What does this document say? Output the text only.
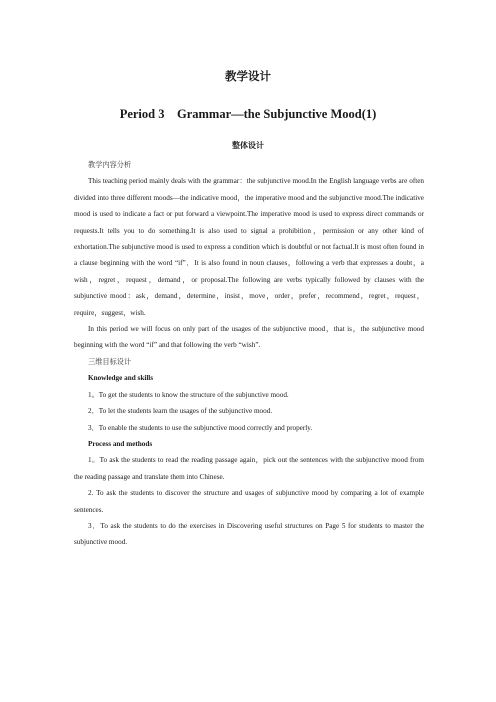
教学设计
Period 3　Grammar—the Subjunctive Mood(1)
整体设计

教学内容分析

This teaching period mainly deals with the grammar：the subjunctive mood.In the English language verbs are often divided into three different moods—the indicative mood，the imperative mood and the subjunctive mood.The indicative mood is used to indicate a fact or put forward a viewpoint.The imperative mood is used to express direct commands or requests.It tells you to do something.It is also used to signal a prohibition，permission or any other kind of exhortation.The subjunctive mood is used to express a condition which is doubtful or not factual.It is most often found in a clause beginning with the word “if”．It is also found in noun clauses，following a verb that expresses a doubt，a wish，regret，request，demand，or proposal.The following are verbs typically followed by clauses with the subjunctive mood：ask，demand，determine，insist，move，order，prefer，recommend，regret，request，require，suggest，wish.

In this period we will focus on only part of the usages of the subjunctive mood，that is，the subjunctive mood beginning with the word “if” and that following the verb “wish”.

三维目标设计

Knowledge and skills

1。To get the students to know the structure of the subjunctive mood.

2．To let the students learn the usages of the subjunctive mood.

3．To enable the students to use the subjunctive mood correctly and properly.

Process and methods

1。To ask the students to read the reading passage again，pick out the sentences with the subjunctive mood from the reading passage and translate them into Chinese.

2. To ask the students to discover the structure and usages of subjunctive mood by comparing a lot of example sentences.

3．To ask the students to do the exercises in Discovering useful structures on Page 5 for students to master the subjunctive mood.
